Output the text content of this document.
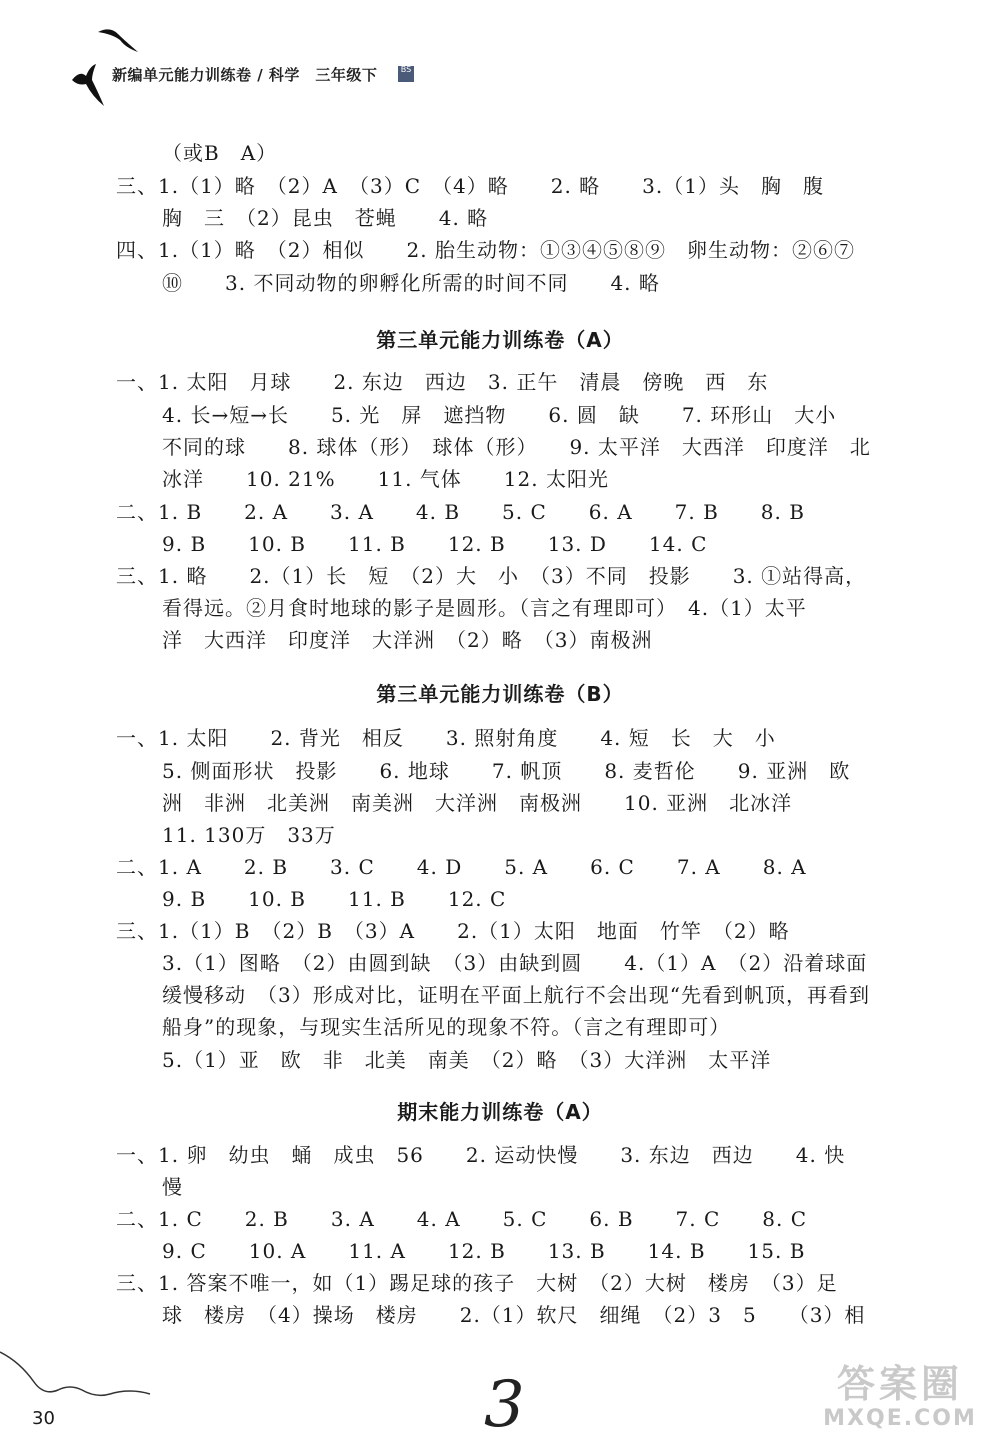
新编单元能力训练卷 / 科学　三年级下	BS
（或B　A）
三、1.（1）略　（2）A　（3）C　（4）略　　2. 略　　3.（1）头　胸　腹
胸　三　（2）昆虫　苍蝇　　4. 略
四、1.（1）略　（2）相似　　2. 胎生动物：①③④⑤⑧⑨　卵生动物：②⑥⑦
⑩　　3. 不同动物的卵孵化所需的时间不同　　4. 略
第三单元能力训练卷（A）
一、1. 太阳　月球　　2. 东边　西边　3. 正午　清晨　傍晚　西　东
4. 长→短→长　　5. 光　屏　遮挡物　　6. 圆　缺　　7. 环形山　大小
不同的球　　8. 球体（形）　球体（形）　　9. 太平洋　大西洋　印度洋　北
冰洋　　10. 21%　　11. 气体　　12. 太阳光
二、1. B　　2. A　　3. A　　4. B　　5. C　　6. A　　7. B　　8. B
9. B　　10. B　　11. B　　12. B　　13. D　　14. C
三、1. 略　　2.（1）长　短　（2）大　小　（3）不同　投影　　3. ①站得高，
看得远。②月食时地球的影子是圆形。（言之有理即可）　4.（1）太平
洋　大西洋　印度洋　大洋洲　（2）略　（3）南极洲
第三单元能力训练卷（B）
一、1. 太阳　　2. 背光　相反　　3. 照射角度　　4. 短　长　大　小
5. 侧面形状　投影　　6. 地球　　7. 帆顶　　8. 麦哲伦　　9. 亚洲　欧
洲　非洲　北美洲　南美洲　大洋洲　南极洲　　10. 亚洲　北冰洋
11. 130万　33万
二、1. A　　2. B　　3. C　　4. D　　5. A　　6. C　　7. A　　8. A
9. B　　10. B　　11. B　　12. C
三、1.（1）B　（2）B　（3）A　　2.（1）太阳　地面　竹竿　（2）略
3.（1）图略　（2）由圆到缺　（3）由缺到圆　　4.（1）A　（2）沿着球面
缓慢移动　（3）形成对比，证明在平面上航行不会出现“先看到帆顶，再看到
船身”的现象，与现实生活所见的现象不符。（言之有理即可）
5.（1）亚　欧　非　北美　南美　（2）略　（3）大洋洲　太平洋
期末能力训练卷（A）
一、1. 卵　幼虫　蛹　成虫　56　　2. 运动快慢　　3. 东边　西边　　4. 快
慢
二、1. C　　2. B　　3. A　　4. A　　5. C　　6. B　　7. C　　8. C
9. C　　10. A　　11. A　　12. B　　13. B　　14. B　　15. B
三、1. 答案不唯一，如（1）踢足球的孩子　大树　（2）大树　楼房　（3）足
球　楼房　（4）操场　楼房　　2.（1）软尺　细绳　（2）3　5　　（3）相
30	3	答案圈
MXQE.COM
